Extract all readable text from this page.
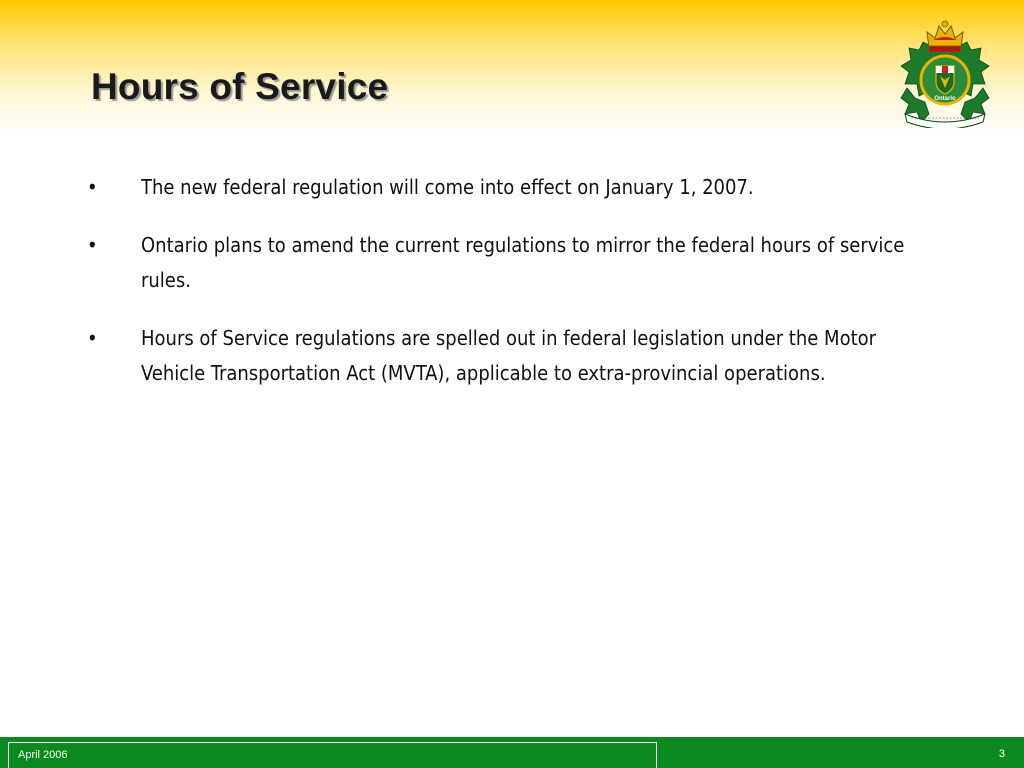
Hours of Service	Ontario
• The new federal regulation will come into effect on January 1, 2007.
• Ontario plans to amend the current regulations to mirror the federal hours of service rules.
• Hours of Service regulations are spelled out in federal legislation under the Motor Vehicle Transportation Act (MVTA), applicable to extra-provincial operations.
April 2006	3
